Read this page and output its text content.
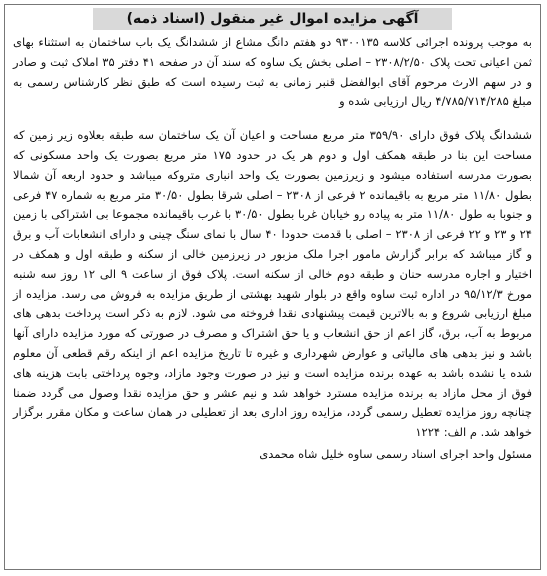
آگهی مزایده اموال غیر منقول (اسناد ذمه)

به موجب پرونده اجرائی کلاسه ۹۳۰۰۱۳۵ دو هفتم دانگ مشاع از ششدانگ یک باب ساختمان به استثناء بهای ثمن اعیانی تحت پلاک ۲۳۰۸/۲/۵۰ – اصلی بخش یک ساوه که سند آن در صفحه ۴۱ دفتر ۳۵ املاک ثبت و صادر و در سهم الارث مرحوم آقای ابوالفضل قنبر زمانی به ثبت رسیده است که طبق نظر کارشناس رسمی به مبلغ ۴/۷۸۵/۷۱۴/۲۸۵ ریال ارزیابی شده و

ششدانگ پلاک فوق دارای ۳۵۹/۹۰ متر مربع مساحت و اعیان آن یک ساختمان سه طبقه بعلاوه زیر زمین که مساحت این بنا در طبقه همکف اول و دوم هر یک در حدود ۱۷۵ متر مربع بصورت یک واحد مسکونی که بصورت مدرسه استفاده میشود و زیرزمین بصورت یک واحد انباری متروکه میباشد و حدود اربعه آن شمالا بطول ۱۱/۸۰ متر مربع به باقیمانده ۲ فرعی از ۲۳۰۸ – اصلی شرقا بطول ۳۰/۵۰ متر مربع به شماره ۴۷ فرعی و جنوبا به طول ۱۱/۸۰ متر به پیاده رو خیابان غربا بطول ۳۰/۵۰ با غرب باقیمانده مجموعا بی اشتراکی با زمین ۲۴ و ۲۳ و ۲۲ فرعی از ۲۳۰۸ – اصلی با قدمت حدودا ۴۰ سال با نمای سنگ چینی و دارای انشعابات آب و برق و گاز میباشد که برابر گزارش مامور اجرا ملک مزبور در زیرزمین خالی از سکنه و طبقه اول و همکف در اختیار و اجاره مدرسه حنان و طبقه دوم خالی از سکنه است. پلاک فوق از ساعت ۹ الی ۱۲ روز سه شنبه مورخ ۹۵/۱۲/۳ در اداره ثبت ساوه واقع در بلوار شهید بهشتی از طریق مزایده به فروش می رسد. مزایده از مبلغ ارزیابی شروع و به بالاترین قیمت پیشنهادی نقدا فروخته می شود. لازم به ذکر است پرداخت بدهی های مربوط به آب، برق، گاز اعم از حق انشعاب و یا حق اشتراک و مصرف در صورتی که مورد مزایده دارای آنها باشد و نیز بدهی های مالیاتی و عوارض شهرداری و غیره تا تاریخ مزایده اعم از اینکه رقم قطعی آن معلوم شده یا نشده باشد به عهده برنده مزایده است و نیز در صورت وجود مازاد، وجوه پرداختی بابت هزینه های فوق از محل مازاد به برنده مزایده مسترد خواهد شد و نیم عشر و حق مزایده نقدا وصول می گردد ضمنا چنانچه روز مزایده تعطیل رسمی گردد، مزایده روز اداری بعد از تعطیلی در همان ساعت و مکان مقرر برگزار خواهد شد. م الف: ۱۲۲۴

مسئول واحد اجرای اسناد رسمی ساوه خلیل شاه محمدی
